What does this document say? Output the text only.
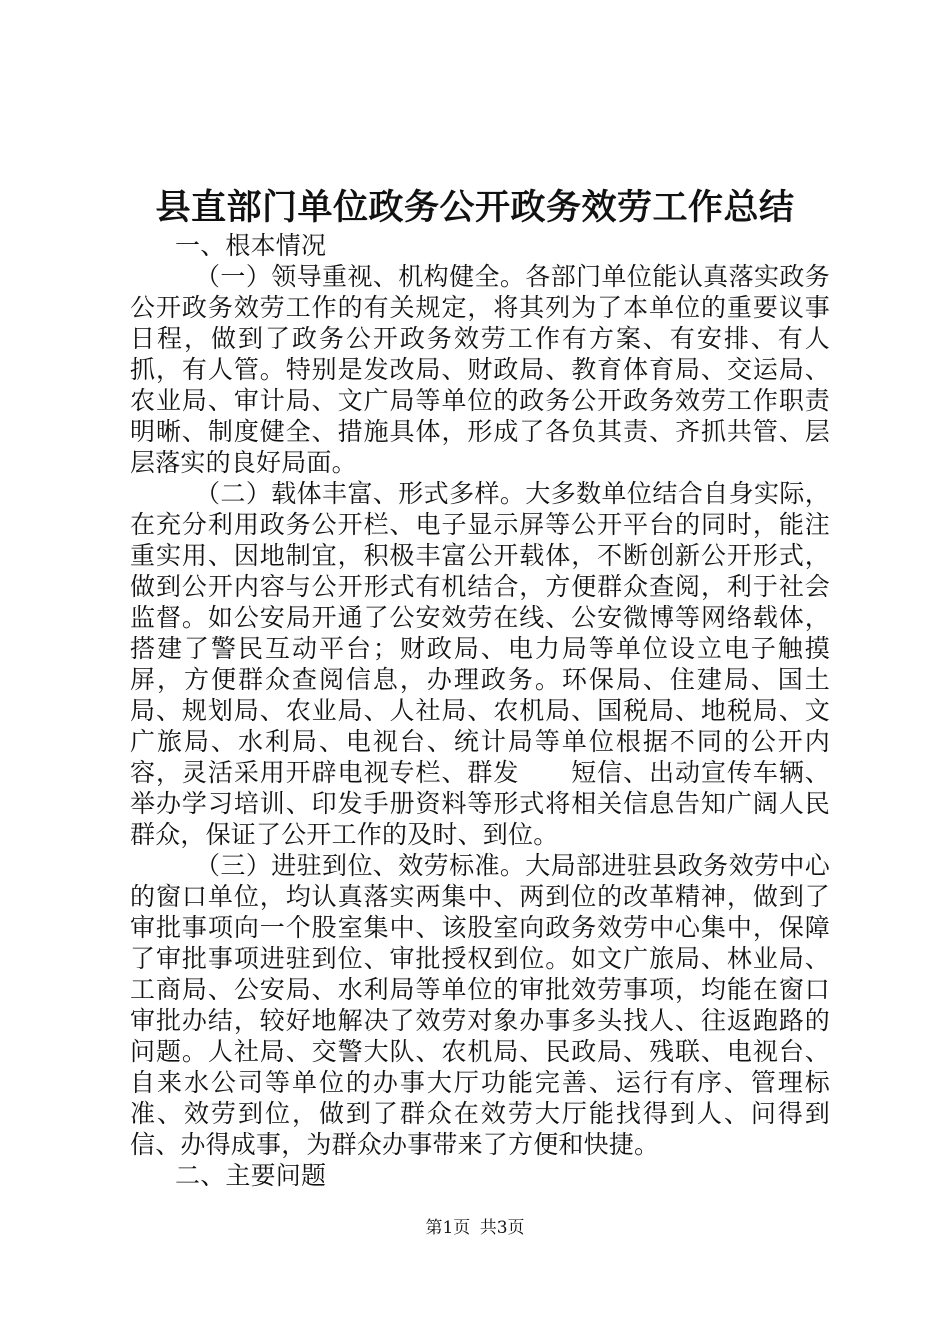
县直部门单位政务公开政务效劳工作总结

一、根本情况

（一）领导重视、机构健全。各部门单位能认真落实政务公开政务效劳工作的有关规定，将其列为了本单位的重要议事日程，做到了政务公开政务效劳工作有方案、有安排、有人抓，有人管。特别是发改局、财政局、教育体育局、交运局、农业局、审计局、文广局等单位的政务公开政务效劳工作职责明晰、制度健全、措施具体，形成了各负其责、齐抓共管、层层落实的良好局面。

（二）载体丰富、形式多样。大多数单位结合自身实际，在充分利用政务公开栏、电子显示屏等公开平台的同时，能注重实用、因地制宜，积极丰富公开载体，不断创新公开形式，做到公开内容与公开形式有机结合，方便群众查阅，利于社会监督。如公安局开通了公安效劳在线、公安微博等网络载体，搭建了警民互动平台；财政局、电力局等单位设立电子触摸屏，方便群众查阅信息，办理政务。环保局、住建局、国土局、规划局、农业局、人社局、农机局、国税局、地税局、文广旅局、水利局、电视台、统计局等单位根据不同的公开内容，灵活采用开辟电视专栏、群发　　短信、出动宣传车辆、举办学习培训、印发手册资料等形式将相关信息告知广阔人民群众，保证了公开工作的及时、到位。

（三）进驻到位、效劳标准。大局部进驻县政务效劳中心的窗口单位，均认真落实两集中、两到位的改革精神，做到了审批事项向一个股室集中、该股室向政务效劳中心集中，保障了审批事项进驻到位、审批授权到位。如文广旅局、林业局、工商局、公安局、水利局等单位的审批效劳事项，均能在窗口审批办结，较好地解决了效劳对象办事多头找人、往返跑路的问题。人社局、交警大队、农机局、民政局、残联、电视台、自来水公司等单位的办事大厅功能完善、运行有序、管理标准、效劳到位，做到了群众在效劳大厅能找得到人、问得到信、办得成事，为群众办事带来了方便和快捷。

二、主要问题

第1页 共3页
